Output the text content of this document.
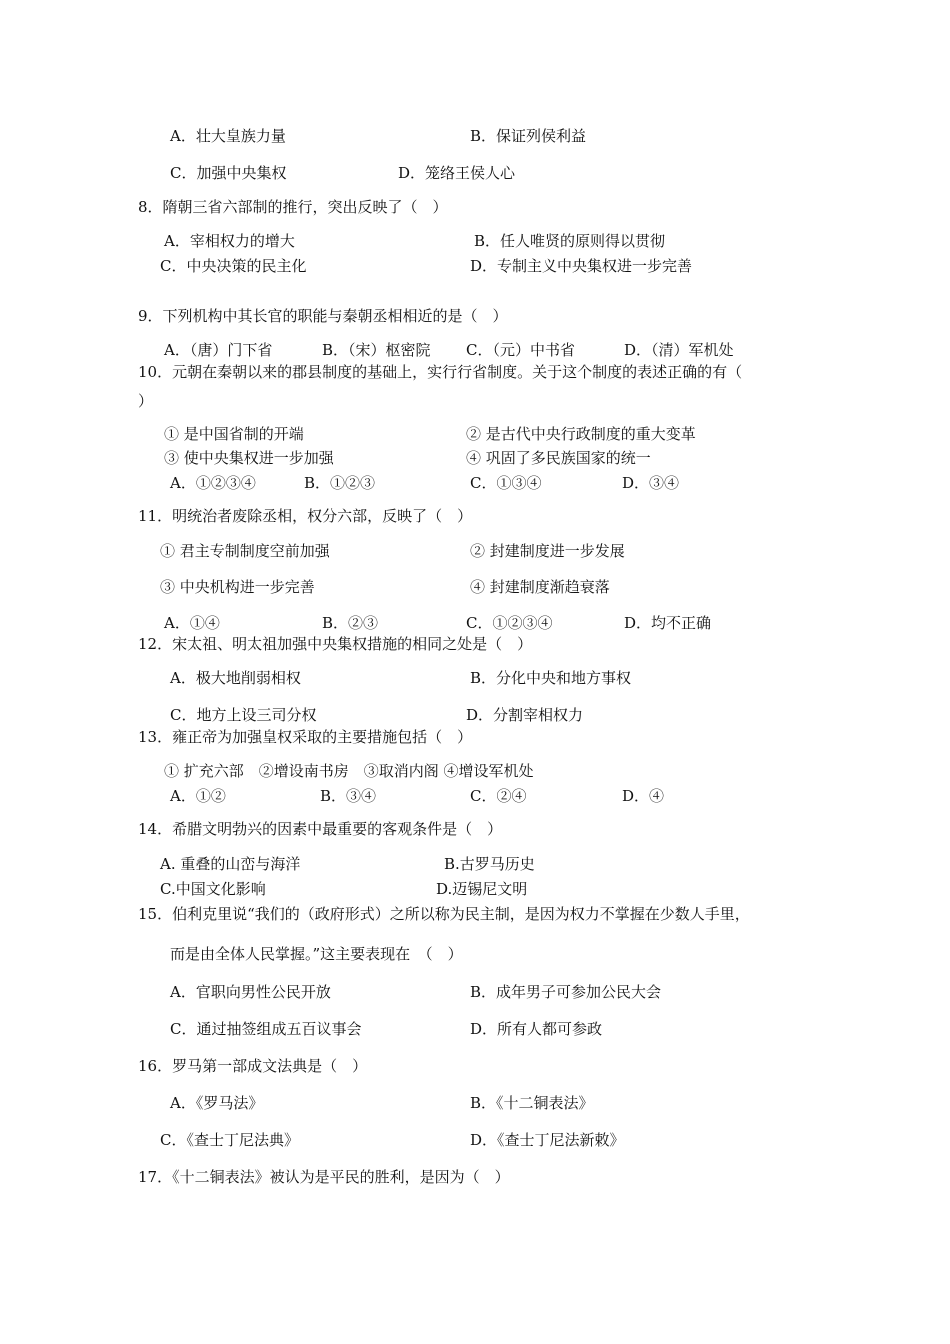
A．壮大皇族力量	B．保证列侯利益
C．加强中央集权	D．笼络王侯人心
8．隋朝三省六部制的推行，突出反映了（　）
A．宰相权力的增大	B．任人唯贤的原则得以贯彻
C．中央决策的民主化	D．专制主义中央集权进一步完善
9．下列机构中其长官的职能与秦朝丞相相近的是（　）
A．（唐）门下省	B．（宋）枢密院 C．（元）中书省	D．（清）军机处
10．元朝在秦朝以来的郡县制度的基础上，实行行省制度。关于这个制度的表述正确的有（
）
① 是中国省制的开端	② 是古代中央行政制度的重大变革
③ 使中央集权进一步加强	④ 巩固了多民族国家的统一
A．①②③④	B．①②③	C．①③④	D．③④
11．明统治者废除丞相，权分六部，反映了（　）
① 君主专制制度空前加强	② 封建制度进一步发展
③ 中央机构进一步完善	④ 封建制度渐趋衰落
A．①④	B．②③	C．①②③④	D．均不正确
12．宋太祖、明太祖加强中央集权措施的相同之处是（　）
A．极大地削弱相权	B．分化中央和地方事权
C．地方上设三司分权	D．分割宰相权力
13．雍正帝为加强皇权采取的主要措施包括（　）
① 扩充六部　②增设南书房　③取消内阁 ④增设军机处
A．①②	B．③④	C．②④	D．④
14．希腊文明勃兴的因素中最重要的客观条件是（　）
A. 重叠的山峦与海洋	B.古罗马历史
C.中国文化影响	D.迈锡尼文明
15．伯利克里说“我们的（政府形式）之所以称为民主制，是因为权力不掌握在少数人手里，
而是由全体人民掌握。”这主要表现在　（　）
A．官职向男性公民开放	B．成年男子可参加公民大会
C．通过抽签组成五百议事会	D．所有人都可参政
16．罗马第一部成文法典是（　）
A．《罗马法》	B．《十二铜表法》
C．《查士丁尼法典》	D．《查士丁尼法新敕》
17．《十二铜表法》被认为是平民的胜利，是因为（　）
